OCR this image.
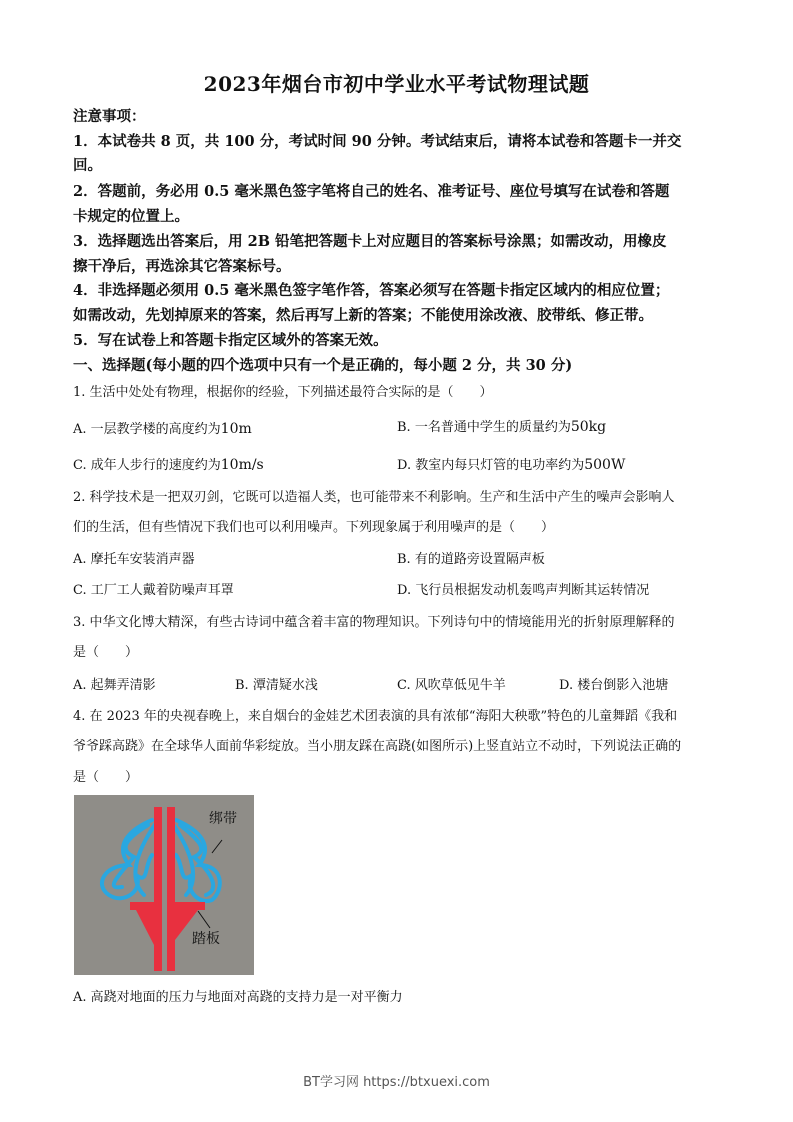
2023年烟台市初中学业水平考试物理试题
注意事项：
1．本试卷共 8 页，共 100 分，考试时间 90 分钟。考试结束后，请将本试卷和答题卡一并交
回。
2．答题前，务必用 0.5 毫米黑色签字笔将自己的姓名、准考证号、座位号填写在试卷和答题
卡规定的位置上。
3．选择题选出答案后，用 2B 铅笔把答题卡上对应题目的答案标号涂黑；如需改动，用橡皮
擦干净后，再选涂其它答案标号。
4．非选择题必须用 0.5 毫米黑色签字笔作答，答案必须写在答题卡指定区域内的相应位置；
如需改动，先划掉原来的答案，然后再写上新的答案；不能使用涂改液、胶带纸、修正带。
5．写在试卷上和答题卡指定区域外的答案无效。
一、选择题(每小题的四个选项中只有一个是正确的，每小题 2 分，共 30 分)
1. 生活中处处有物理，根据你的经验，下列描述最符合实际的是（　　）
A. 一层教学楼的高度约为10m	B. 一名普通中学生的质量约为50kg
C. 成年人步行的速度约为10m/s	D. 教室内每只灯管的电功率约为500W
2. 科学技术是一把双刃剑，它既可以造福人类，也可能带来不利影响。生产和生活中产生的噪声会影响人
们的生活，但有些情况下我们也可以利用噪声。下列现象属于利用噪声的是（　　）
A. 摩托车安装消声器	B. 有的道路旁设置隔声板
C. 工厂工人戴着防噪声耳罩	D. 飞行员根据发动机轰鸣声判断其运转情况
3. 中华文化博大精深，有些古诗词中蕴含着丰富的物理知识。下列诗句中的情境能用光的折射原理解释的
是（　　）
A. 起舞弄清影	B. 潭清疑水浅	C. 风吹草低见牛羊	D. 楼台倒影入池塘
4. 在 2023 年的央视春晚上，来自烟台的金娃艺术团表演的具有浓郁“海阳大秧歌”特色的儿童舞蹈《我和
爷爷踩高跷》在全球华人面前华彩绽放。当小朋友踩在高跷(如图所示)上竖直站立不动时，下列说法正确的
是（　　）
绑带
踏板
A. 高跷对地面的压力与地面对高跷的支持力是一对平衡力
BT学习网 https://btxuexi.com
